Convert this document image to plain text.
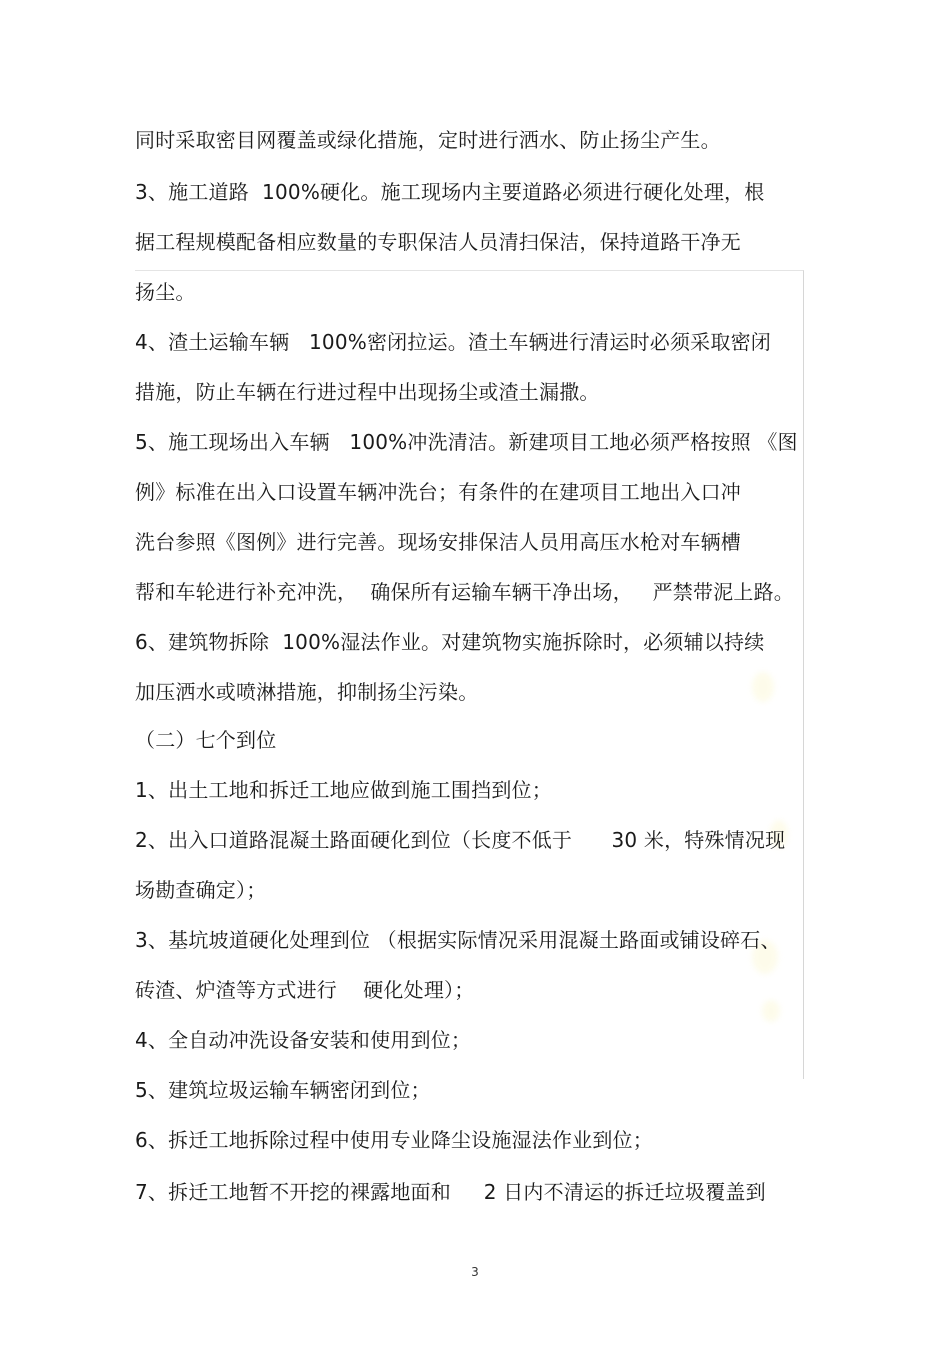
同时采取密目网覆盖或绿化措施，定时进行洒水、防止扬尘产生。
3、施工道路  100%硬化。施工现场内主要道路必须进行硬化处理，根
据工程规模配备相应数量的专职保洁人员清扫保洁，保持道路干净无
扬尘。
4、渣土运输车辆   100%密闭拉运。渣土车辆进行清运时必须采取密闭
措施，防止车辆在行进过程中出现扬尘或渣土漏撒。
5、施工现场出入车辆   100%冲洗清洁。新建项目工地必须严格按照 《图
例》标准在出入口设置车辆冲洗台；有条件的在建项目工地出入口冲
洗台参照《图例》进行完善。现场安排保洁人员用高压水枪对车辆槽
帮和车轮进行补充冲洗，  确保所有运输车辆干净出场，   严禁带泥上路。
6、建筑物拆除  100%湿法作业。对建筑物实施拆除时，必须辅以持续
加压洒水或喷淋措施，抑制扬尘污染。
（二）七个到位
1、出土工地和拆迁工地应做到施工围挡到位；
2、出入口道路混凝土路面硬化到位（长度不低于      30 米，特殊情况现
场勘查确定）；
3、基坑坡道硬化处理到位 （根据实际情况采用混凝土路面或铺设碎石、
砖渣、炉渣等方式进行    硬化处理）；
4、全自动冲洗设备安装和使用到位；
5、建筑垃圾运输车辆密闭到位；
6、拆迁工地拆除过程中使用专业降尘设施湿法作业到位；
7、拆迁工地暂不开挖的裸露地面和     2 日内不清运的拆迁垃圾覆盖到
3
